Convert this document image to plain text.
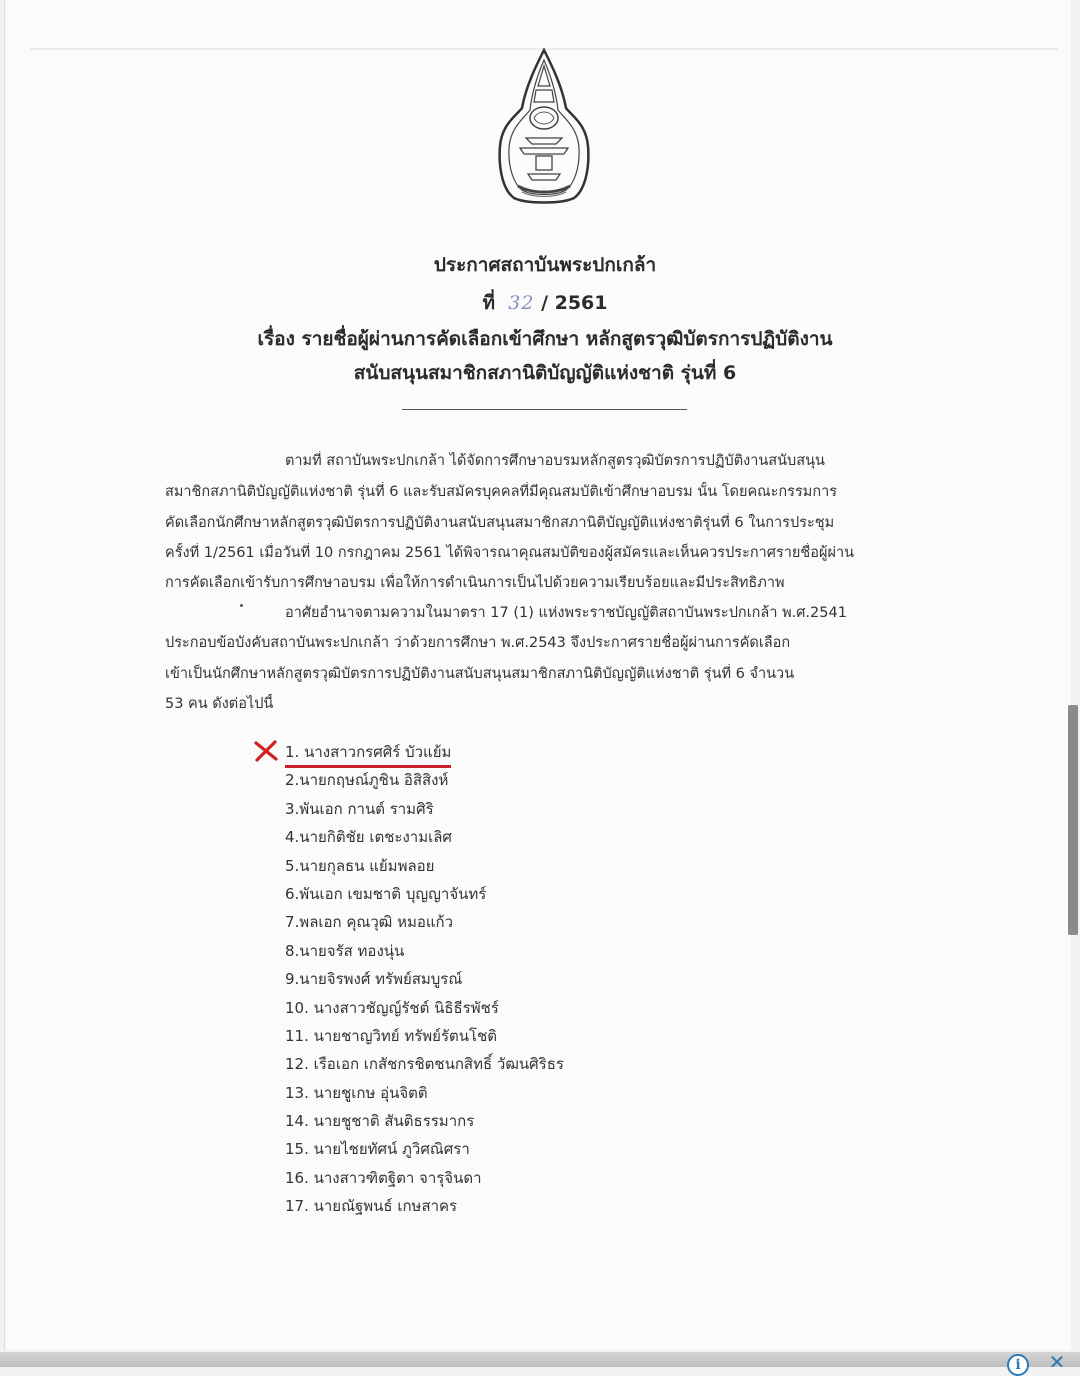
ประกาศสถาบันพระปกเกล้า
ที่ 32 / 2561
เรื่อง รายชื่อผู้ผ่านการคัดเลือกเข้าศึกษา หลักสูตรวุฒิบัตรการปฏิบัติงาน
สนับสนุนสมาชิกสภานิติบัญญัติแห่งชาติ รุ่นที่ 6
ตามที่ สถาบันพระปกเกล้า ได้จัดการศึกษาอบรมหลักสูตรวุฒิบัตรการปฏิบัติงานสนับสนุน
สมาชิกสภานิติบัญญัติแห่งชาติ รุ่นที่ 6 และรับสมัครบุคคลที่มีคุณสมบัติเข้าศึกษาอบรม นั้น โดยคณะกรรมการ
คัดเลือกนักศึกษาหลักสูตรวุฒิบัตรการปฏิบัติงานสนับสนุนสมาชิกสภานิติบัญญัติแห่งชาติรุ่นที่ 6 ในการประชุม
ครั้งที่ 1/2561 เมื่อวันที่ 10 กรกฎาคม 2561 ได้พิจารณาคุณสมบัติของผู้สมัครและเห็นควรประกาศรายชื่อผู้ผ่าน
การคัดเลือกเข้ารับการศึกษาอบรม เพื่อให้การดำเนินการเป็นไปด้วยความเรียบร้อยและมีประสิทธิภาพ
อาศัยอำนาจตามความในมาตรา 17 (1) แห่งพระราชบัญญัติสถาบันพระปกเกล้า พ.ศ.2541
ประกอบข้อบังคับสถาบันพระปกเกล้า ว่าด้วยการศึกษา พ.ศ.2543 จึงประกาศรายชื่อผู้ผ่านการคัดเลือก
เข้าเป็นนักศึกษาหลักสูตรวุฒิบัตรการปฏิบัติงานสนับสนุนสมาชิกสภานิติบัญญัติแห่งชาติ รุ่นที่ 6 จำนวน
53 คน ดังต่อไปนี้
1. นางสาวกรศศิร์ บัวแย้ม
2.นายกฤษณ์ภูชิน อิสิสิงห์
3.พันเอก กานต์ รามศิริ
4.นายกิติชัย เตชะงามเลิศ
5.นายกุลธน แย้มพลอย
6.พันเอก เขมชาติ บุญญาจันทร์
7.พลเอก คุณวุฒิ หมอแก้ว
8.นายจรัส ทองนุ่น
9.นายจิรพงศ์ ทรัพย์สมบูรณ์
10. นางสาวชัญญ์รัชต์ นิธิธีรพัชร์
11. นายชาญวิทย์ ทรัพย์รัตนโชติ
12. เรือเอก เกสัชกรชิตชนกสิทธิ์ วัฒนศิริธร
13. นายชูเกษ อุ่นจิตติ
14. นายชูชาติ สันติธรรมากร
15. นายไชยทัศน์ ภูวิศณิศรา
16. นางสาวฑิตฐิตา จารุจินดา
17. นายณัฐพนธ์ เกษสาคร
i	✕
